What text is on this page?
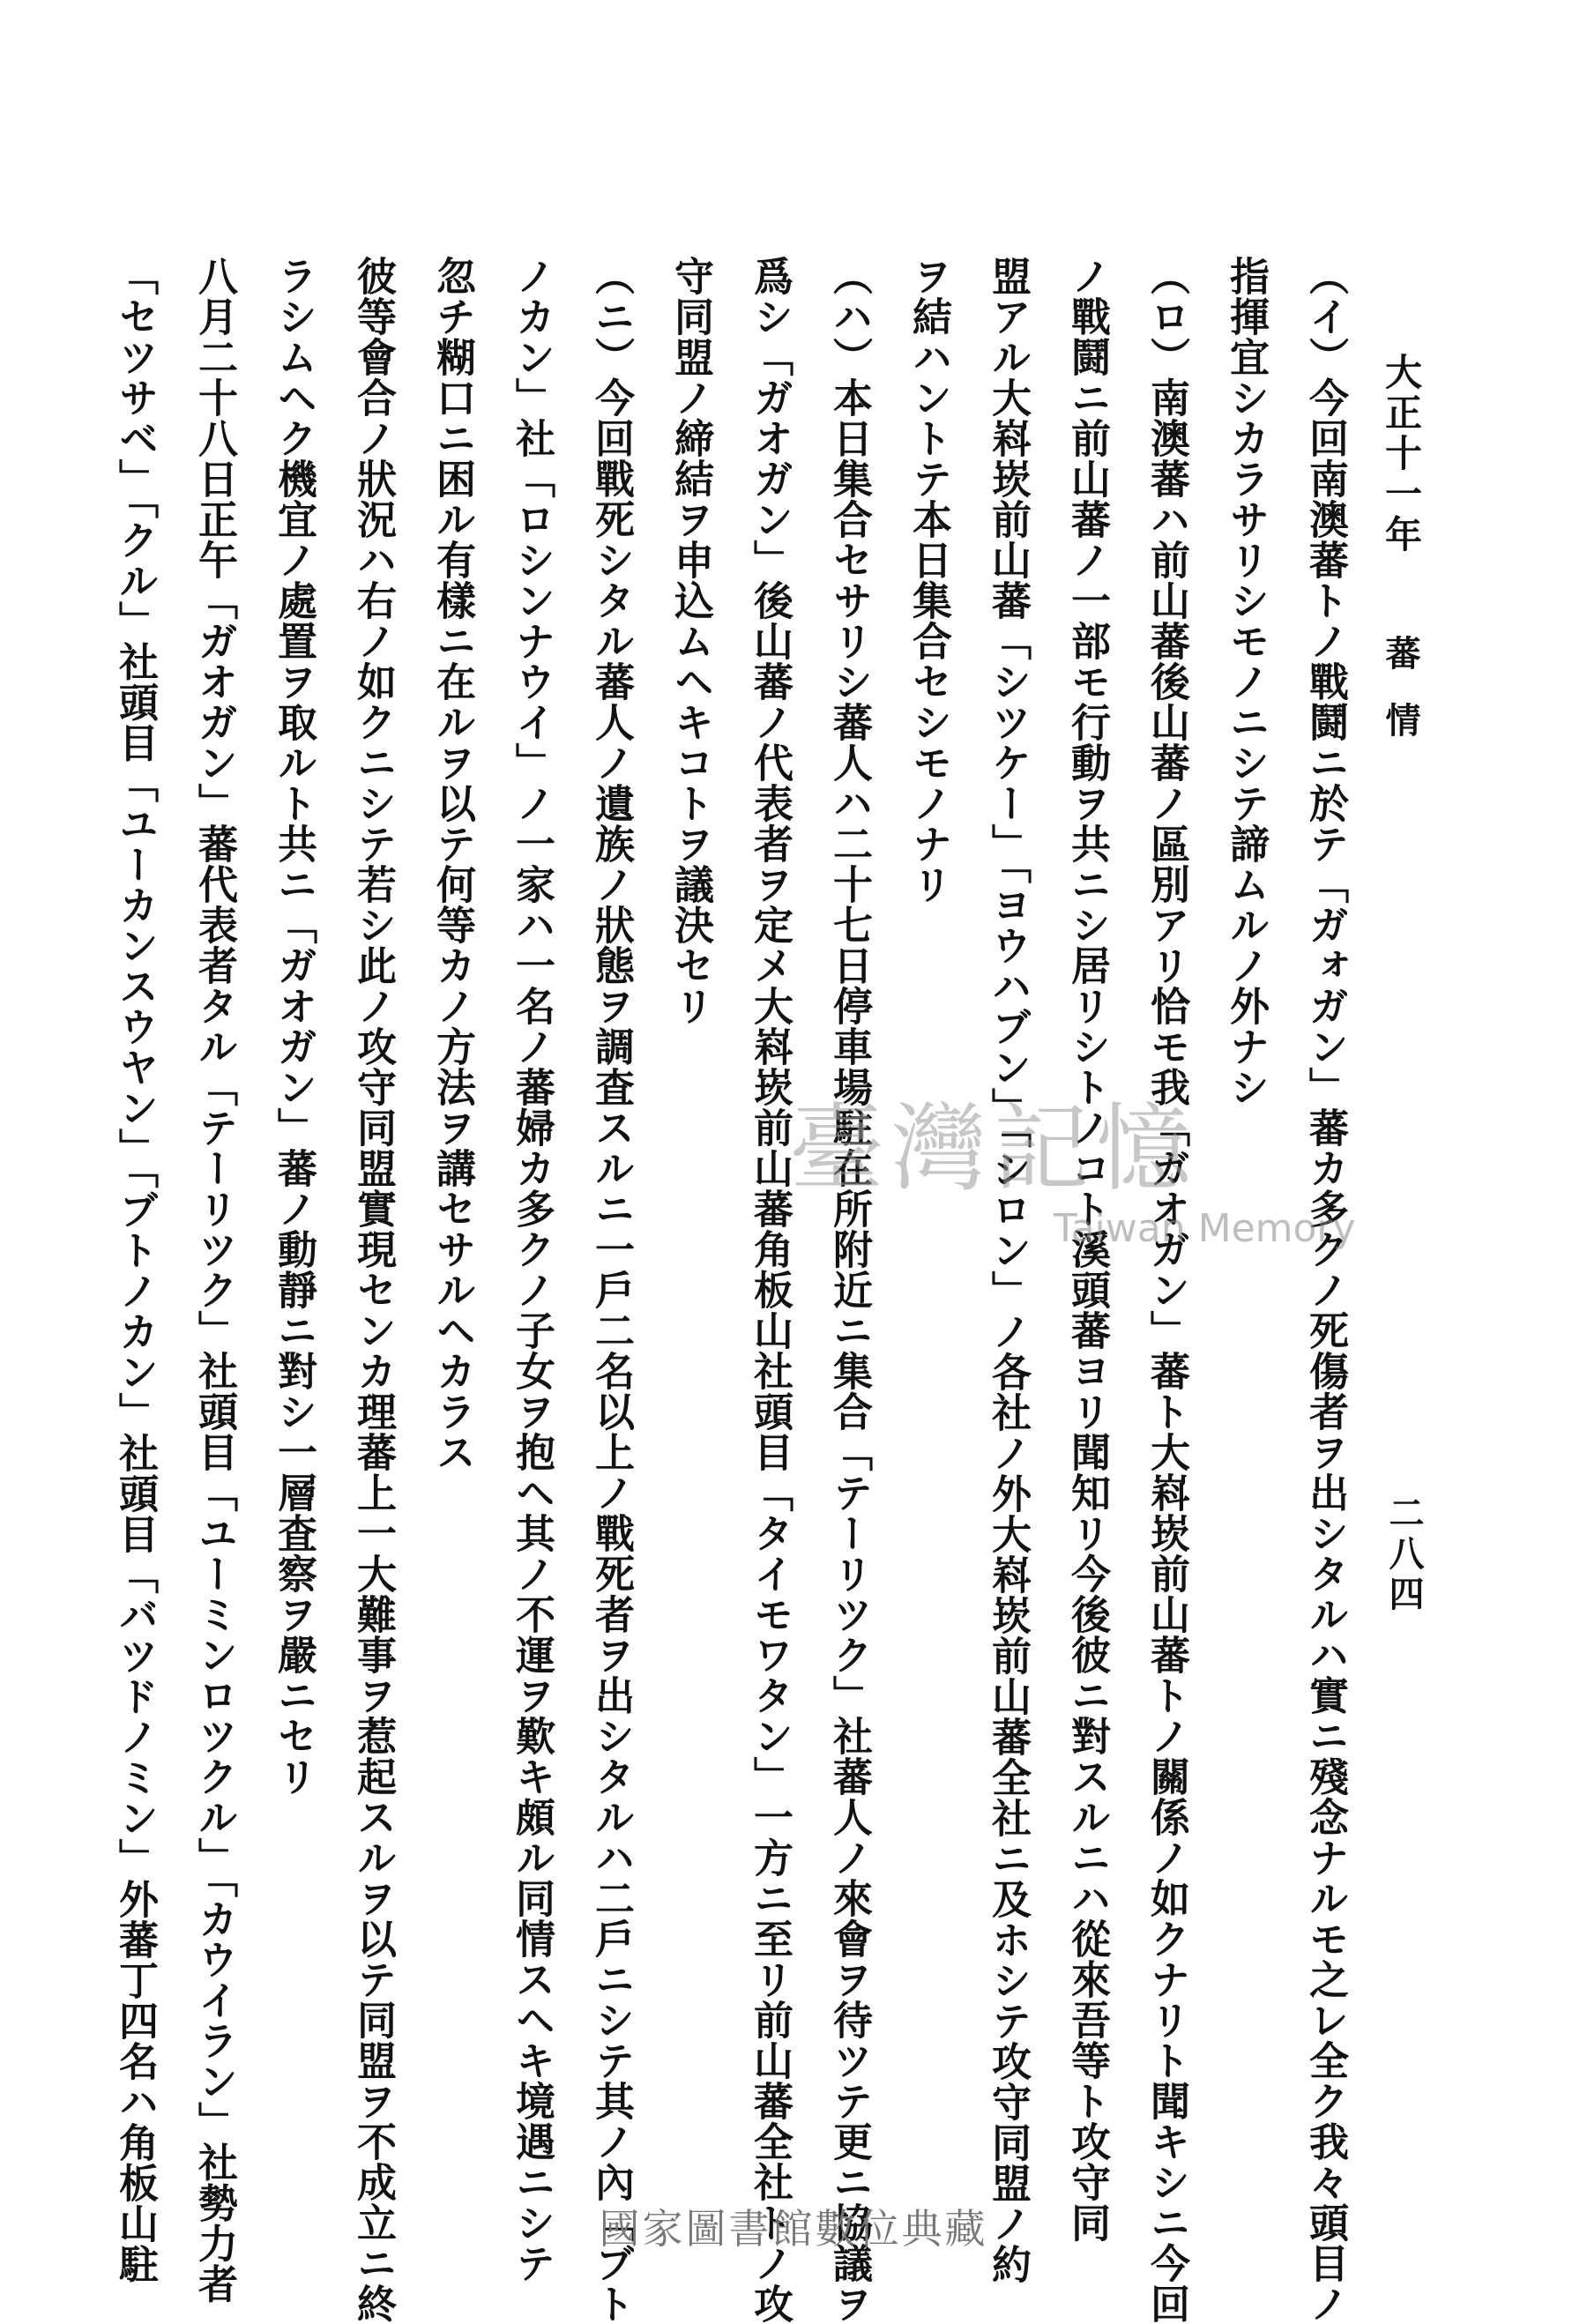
大正十一年
蕃情
二八四
（イ）今回南澳蕃トノ戰鬪ニ於テ「ガォガン」蕃カ多クノ死傷者ヲ出シタルハ實ニ殘念ナルモ之レ全ク我々頭目ノ
指揮宜シカラサリシモノニシテ諦ムルノ外ナシ
（ロ）南澳蕃ハ前山蕃後山蕃ノ區別アリ恰モ我「ガオガン」蕃ト大嵙崁前山蕃トノ關係ノ如クナリト聞キシニ今回
ノ戰鬪ニ前山蕃ノ一部モ行動ヲ共ニシ居リシトノコト溪頭蕃ヨリ聞知リ今後彼ニ對スルニハ從來吾等ト攻守同
盟アル大嵙崁前山蕃「シツケー」「ヨウハブン」「シロン」ノ各社ノ外大嵙崁前山蕃全社ニ及ホシテ攻守同盟ノ約
ヲ結ハントテ本日集合セシモノナリ
（ハ）本日集合セサリシ蕃人ハ二十七日停車場駐在所附近ニ集合「テーリツク」社蕃人ノ來會ヲ待ツテ更ニ協議ヲ
爲シ「ガオガン」後山蕃ノ代表者ヲ定メ大嵙崁前山蕃角板山社頭目「タイモワタン」一方ニ至リ前山蕃全社トノ攻
守同盟ノ締結ヲ申込ムヘキコトヲ議決セリ
（ニ）今回戰死シタル蕃人ノ遺族ノ狀態ヲ調査スルニ一戶二名以上ノ戰死者ヲ出シタルハ二戶ニシテ其ノ內「ブト
ノカン」社「ロシンナウイ」ノ一家ハ一名ノ蕃婦カ多クノ子女ヲ抱ヘ其ノ不運ヲ歎キ頗ル同情スヘキ境遇ニシテ
忽チ糊口ニ困ル有樣ニ在ルヲ以テ何等カノ方法ヲ講セサルヘカラス
彼等會合ノ狀況ハ右ノ如クニシテ若シ此ノ攻守同盟實現センカ理蕃上一大難事ヲ惹起スルヲ以テ同盟ヲ不成立ニ終
ラシムヘク機宜ノ處置ヲ取ルト共ニ「ガオガン」蕃ノ動靜ニ對シ一層査察ヲ嚴ニセリ
八月二十八日正午「ガオガン」蕃代表者タル「テーリツク」社頭目「ユーミンロツクル」「カウイラン」社勢力者
「セツサベ」「クル」社頭目「ユーカンスウヤン」「ブトノカン」社頭目「バツドノミン」外蕃丁四名ハ角板山駐	臺灣記憶
Taiwan Memory
國家圖書館數位典藏
